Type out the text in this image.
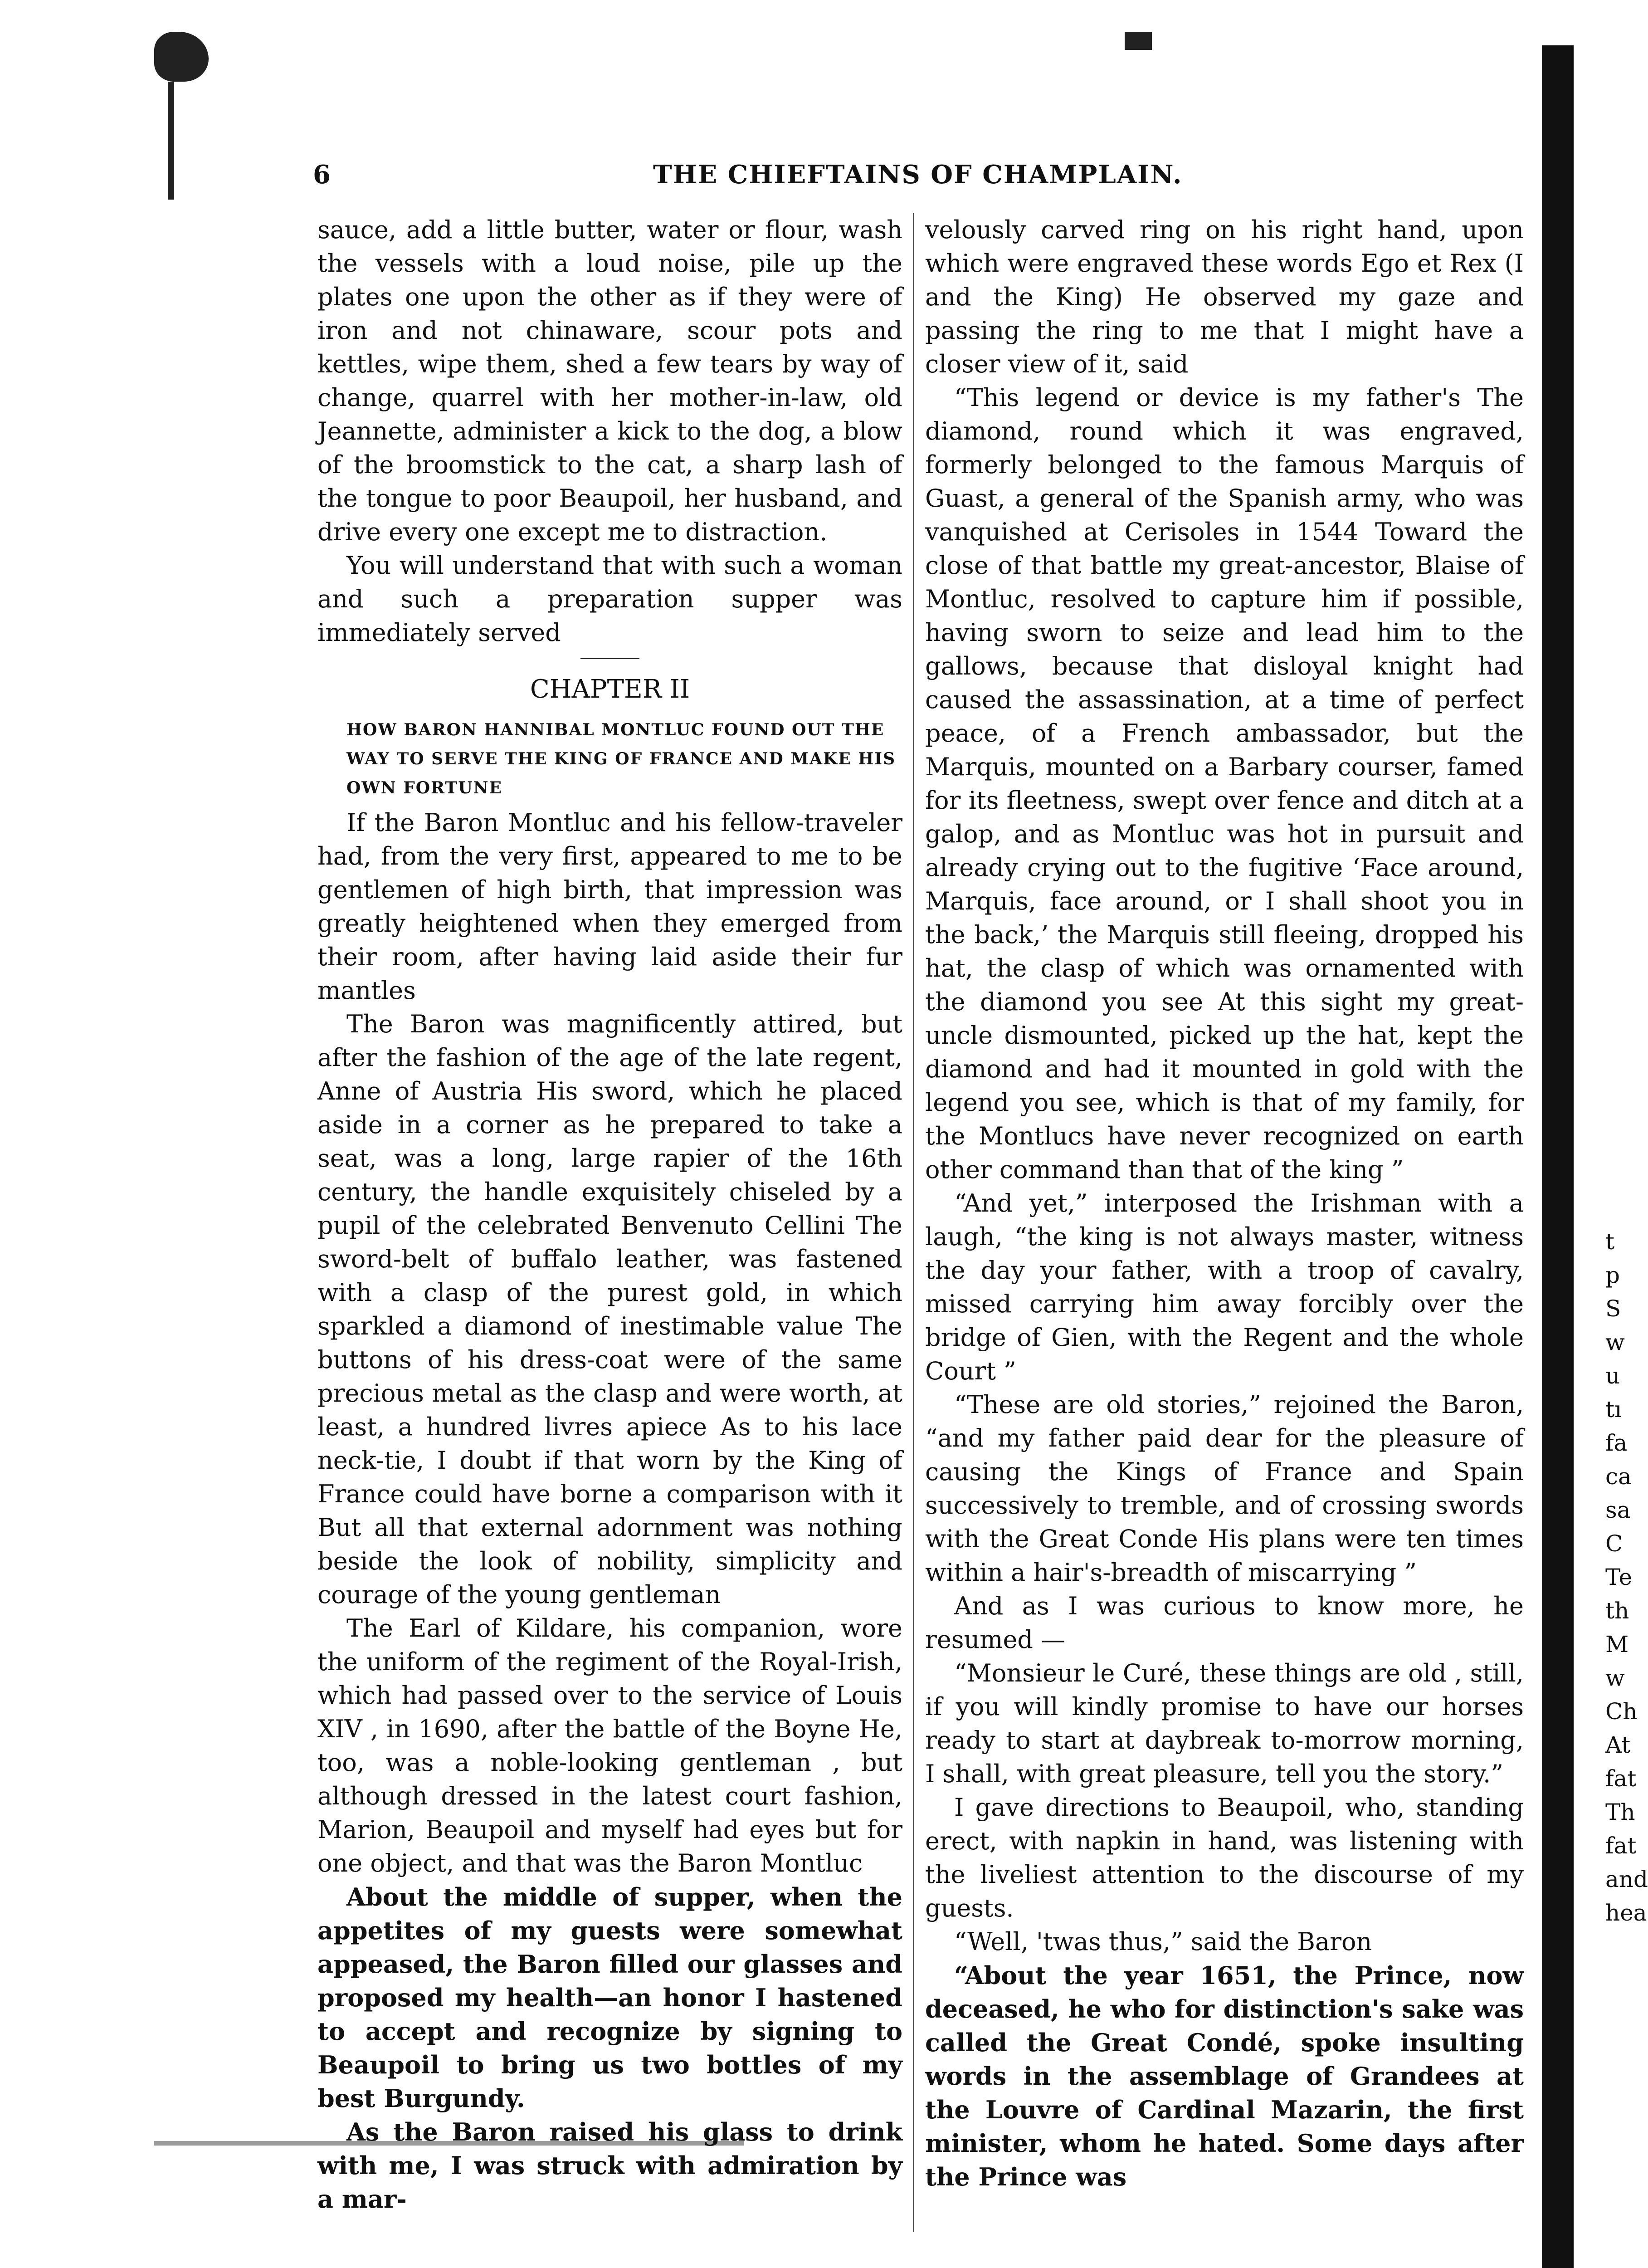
6	THE CHIEFTAINS OF CHAMPLAIN.

sauce, add a little butter, water or flour, wash the vessels with a loud noise, pile up the plates one upon the other as if they were of iron and not chinaware, scour pots and kettles, wipe them, shed a few tears by way of change, quarrel with her mother-in-law, old Jeannette, administer a kick to the dog, a blow of the broomstick to the cat, a sharp lash of the tongue to poor Beaupoil, her husband, and drive every one except me to distraction.

You will understand that with such a woman and such a preparation supper was immediately served

CHAPTER II
HOW BARON HANNIBAL MONTLUC FOUND OUT THE WAY TO SERVE THE KING OF FRANCE AND MAKE HIS OWN FORTUNE

If the Baron Montluc and his fellow-traveler had, from the very first, appeared to me to be gentlemen of high birth, that impression was greatly heightened when they emerged from their room, after having laid aside their fur mantles

The Baron was magnificently attired, but after the fashion of the age of the late regent, Anne of Austria His sword, which he placed aside in a corner as he prepared to take a seat, was a long, large rapier of the 16th century, the handle exquisitely chiseled by a pupil of the celebrated Benvenuto Cellini The sword-belt of buffalo leather, was fastened with a clasp of the purest gold, in which sparkled a diamond of inestimable value The buttons of his dress-coat were of the same precious metal as the clasp and were worth, at least, a hundred livres apiece As to his lace neck-tie, I doubt if that worn by the King of France could have borne a comparison with it But all that external adornment was nothing beside the look of nobility, simplicity and courage of the young gentleman

The Earl of Kildare, his companion, wore the uniform of the regiment of the Royal-Irish, which had passed over to the service of Louis XIV , in 1690, after the battle of the Boyne He, too, was a noble-looking gentleman , but although dressed in the latest court fashion, Marion, Beaupoil and myself had eyes but for one object, and that was the Baron Montluc

About the middle of supper, when the appetites of my guests were somewhat appeased, the Baron filled our glasses and proposed my health—an honor I hastened to accept and recognize by signing to Beaupoil to bring us two bottles of my best Burgundy.

As the Baron raised his glass to drink with me, I was struck with admiration by a mar-

velously carved ring on his right hand, upon which were engraved these words Ego et Rex (I and the King) He observed my gaze and passing the ring to me that I might have a closer view of it, said

“This legend or device is my father's The diamond, round which it was engraved, formerly belonged to the famous Marquis of Guast, a general of the Spanish army, who was vanquished at Cerisoles in 1544 Toward the close of that battle my great-ancestor, Blaise of Montluc, resolved to capture him if possible, having sworn to seize and lead him to the gallows, because that disloyal knight had caused the assassination, at a time of perfect peace, of a French ambassador, but the Marquis, mounted on a Barbary courser, famed for its fleetness, swept over fence and ditch at a galop, and as Montluc was hot in pursuit and already crying out to the fugitive ‘Face around, Marquis, face around, or I shall shoot you in the back,’ the Marquis still fleeing, dropped his hat, the clasp of which was ornamented with the diamond you see At this sight my great-uncle dismounted, picked up the hat, kept the diamond and had it mounted in gold with the legend you see, which is that of my family, for the Montlucs have never recognized on earth other command than that of the king ”

“And yet,” interposed the Irishman with a laugh, “the king is not always master, witness the day your father, with a troop of cavalry, missed carrying him away forcibly over the bridge of Gien, with the Regent and the whole Court ”

“These are old stories,” rejoined the Baron, “and my father paid dear for the pleasure of causing the Kings of France and Spain successively to tremble, and of crossing swords with the Great Conde His plans were ten times within a hair's-breadth of miscarrying ”

And as I was curious to know more, he resumed —

“Monsieur le Curé, these things are old , still, if you will kindly promise to have our horses ready to start at daybreak to-morrow morning, I shall, with great pleasure, tell you the story.”

I gave directions to Beaupoil, who, standing erect, with napkin in hand, was listening with the liveliest attention to the discourse of my guests.

“Well, 'twas thus,” said the Baron

“About the year 1651, the Prince, now deceased, he who for distinction's sake was called the Great Condé, spoke insulting words in the assemblage of Grandees at the Louvre of Cardinal Mazarin, the first minister, whom he hated. Some days after the Prince was

t
p
S
w
u
tı
fa
ca
sa
C
Te
th
M
w
Ch
At
fat
Th
fat
and
hea
